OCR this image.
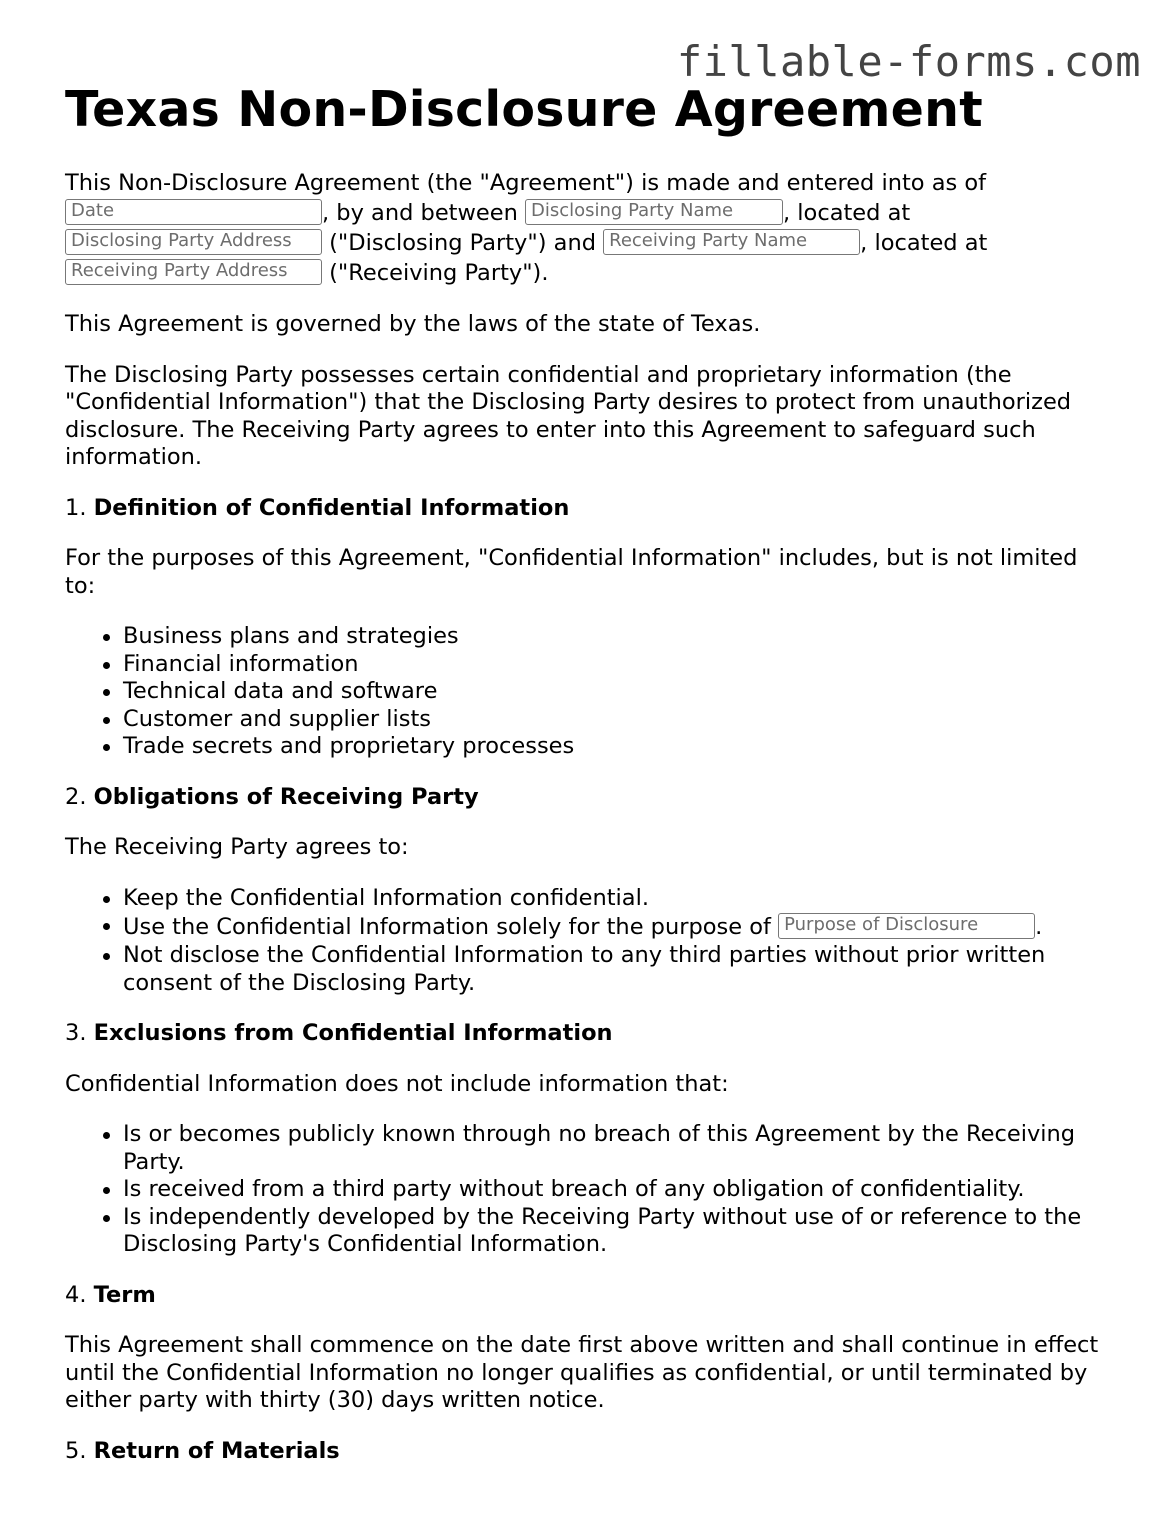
fillable-forms.com
Texas Non-Disclosure Agreement

This Non-Disclosure Agreement (the "Agreement") is made and entered into as of
Date	, by and between Disclosing Party Name , located at
Disclosing Party Address ("Disclosing Party") and Receiving Party Name , located at
Receiving Party Address ("Receiving Party").

This Agreement is governed by the laws of the state of Texas.

The Disclosing Party possesses certain confidential and proprietary information (the "Confidential Information") that the Disclosing Party desires to protect from unauthorized disclosure. The Receiving Party agrees to enter into this Agreement to safeguard such information.

1. Definition of Confidential Information

For the purposes of this Agreement, "Confidential Information" includes, but is not limited to:

Business plans and strategies
Financial information
Technical data and software
Customer and supplier lists
Trade secrets and proprietary processes

2. Obligations of Receiving Party

The Receiving Party agrees to:

Keep the Confidential Information confidential.
Use the Confidential Information solely for the purpose of Purpose of Disclosure	.
Not disclose the Confidential Information to any third parties without prior written consent of the Disclosing Party.

3. Exclusions from Confidential Information

Confidential Information does not include information that:

Is or becomes publicly known through no breach of this Agreement by the Receiving Party.
Is received from a third party without breach of any obligation of confidentiality.
Is independently developed by the Receiving Party without use of or reference to the Disclosing Party's Confidential Information.

4. Term

This Agreement shall commence on the date first above written and shall continue in effect until the Confidential Information no longer qualifies as confidential, or until terminated by either party with thirty (30) days written notice.

5. Return of Materials
